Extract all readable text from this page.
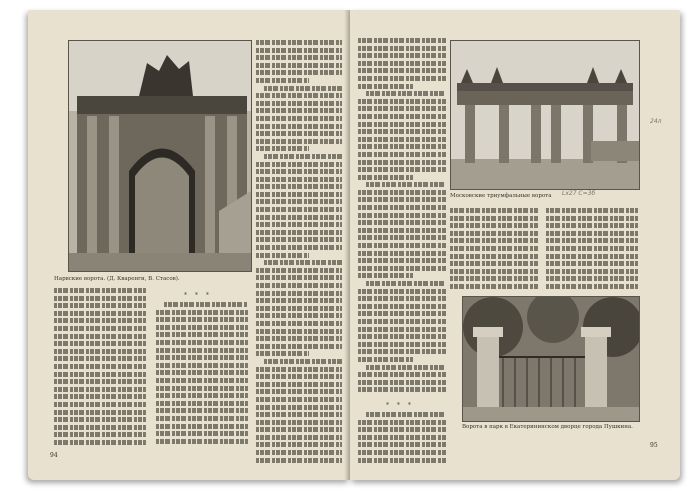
Нарвские ворота. (Д. Кваренги, В. Стасов).
* * *
94
* * *
Московские триумфальные ворота	Lx27 С=3б
24л
Ворота в парк в Екатерининском дворце города Пушкина.
95
